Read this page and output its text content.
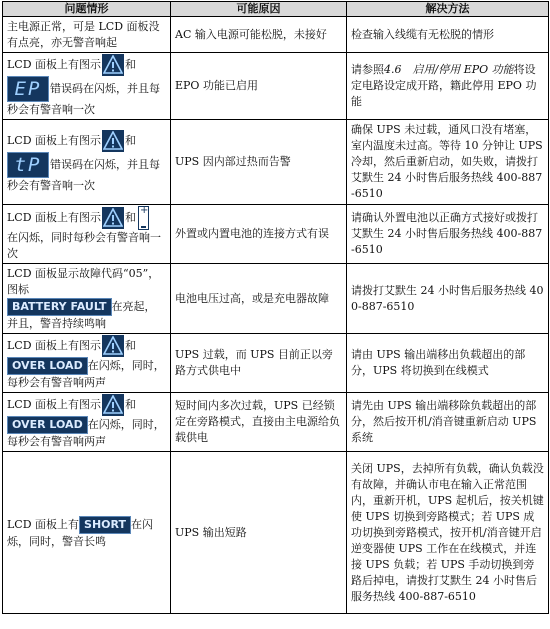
问题情形	可能原因	解决方法
主电源正常，可是 LCD 面板没有点亮，亦无警音响起	AC 输入电源可能松脱，未接好	检查输入线缆有无松脱的情形
LCD 面板上有图示 和
EP 错误码在闪烁，并且每秒会有警音响一次	EPO 功能已启用	请参照4.6　启用/停用 EPO 功能将设定电路设定成开路，籍此停用 EPO 功能
LCD 面板上有图示 和
tP 错误码在闪烁，并且每秒会有警音响一次	UPS 因内部过热而告警	确保 UPS 未过载，通风口没有堵塞，室内温度未过高。等待 10 分钟让 UPS 冷却，然后重新启动，如失败，请拨打艾默生 24 小时售后服务热线 400-887-6510
LCD 面板上有图示 和
+

在闪烁，同时每秒会有警音响一次	外置或内置电池的连接方式有误	请确认外置电池以正确方式接好或拨打艾默生 24 小时售后服务热线 400-887-6510
LCD 面板显示故障代码“05”，图标
BATTERY FAULT 在亮起，并且，警音持续鸣响	电池电压过高，或是充电器故障	请拨打艾默生 24 小时售后服务热线 400-887-6510
LCD 面板上有图示 和
OVER LOAD 在闪烁，同时，每秒会有警音响两声	UPS 过载，而 UPS 目前正以旁路方式供电中	请由 UPS 输出端移出负载超出的部分，UPS 将切换到在线模式
LCD 面板上有图示 和
OVER LOAD 在闪烁，同时，每秒会有警音响两声	短时间内多次过载，UPS 已经锁定在旁路模式，直接由主电源给负载供电	请先由 UPS 输出端移除负载超出的部分，然后按开机/消音键重新启动 UPS 系统
LCD 面板上有 SHORT 在闪烁，同时，警音长鸣	UPS 输出短路	关闭 UPS，去掉所有负载，确认负载没有故障，并确认市电在输入正常范围内，重新开机，UPS 起机后，按关机键使 UPS 切换到旁路模式；若 UPS 成功切换到旁路模式，按开机/消音键开启逆变器使 UPS 工作在在线模式，并连接 UPS 负载；若 UPS 手动切换到旁路后掉电，请拨打艾默生 24 小时售后服务热线 400-887-6510
